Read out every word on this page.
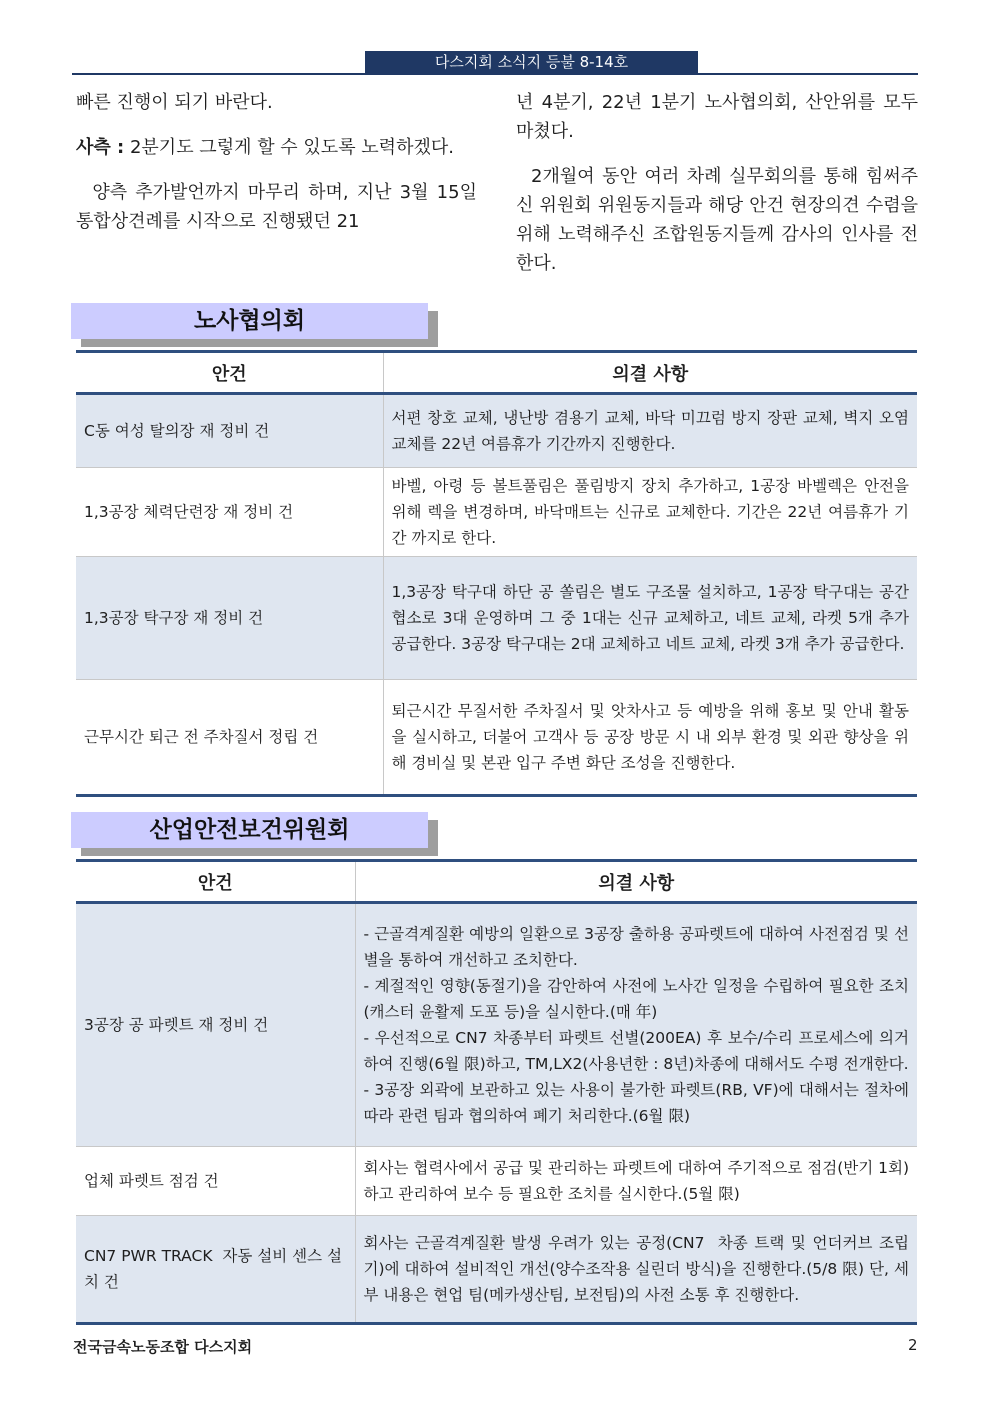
다스지회 소식지 등불 8-14호

빠른 진행이 되기 바란다.

사측 : 2분기도 그렇게 할 수 있도록 노력하겠다.

양측 추가발언까지 마무리 하며, 지난 3월 15일 통합상견례를 시작으로 진행됐던 21

년 4분기, 22년 1분기 노사협의회, 산안위를 모두 마쳤다.

2개월여 동안 여러 차례 실무회의를 통해 힘써주신 위원회 위원동지들과 해당 안건 현장의견 수렴을 위해 노력해주신 조합원동지들께 감사의 인사를 전한다.

노사협의회
안건	의결 사항
C동 여성 탈의장 재 정비 건	서편 창호 교체, 냉난방 겸용기 교체, 바닥 미끄럼 방지 장판 교체, 벽지 오염 교체를 22년 여름휴가 기간까지 진행한다.
1,3공장 체력단련장 재 정비 건	바벨, 아령 등 볼트풀림은 풀림방지 장치 추가하고, 1공장 바벨렉은 안전을 위해 렉을 변경하며, 바닥매트는 신규로 교체한다. 기간은 22년 여름휴가 기간 까지로 한다.
1,3공장 탁구장 재 정비 건	1,3공장 탁구대 하단 공 쏠림은 별도 구조물 설치하고, 1공장 탁구대는 공간협소로 3대 운영하며 그 중 1대는 신규 교체하고, 네트 교체, 라켓 5개 추가 공급한다. 3공장 탁구대는 2대 교체하고 네트 교체, 라켓 3개 추가 공급한다.
근무시간 퇴근 전 주차질서 정립 건	퇴근시간 무질서한 주차질서 및 앗차사고 등 예방을 위해 홍보 및 안내 활동을 실시하고, 더불어 고객사 등 공장 방문 시 내 외부 환경 및 외관 향상을 위해 경비실 및 본관 입구 주변 화단 조성을 진행한다.
산업안전보건위원회
안건	의결 사항
3공장 공 파렛트 재 정비 건	- 근골격계질환 예방의 일환으로 3공장 출하용 공파렛트에 대하여 사전점검 및 선별을 통하여 개선하고 조치한다.
- 계절적인 영향(동절기)을 감안하여 사전에 노사간 일정을 수립하여 필요한 조치(캐스터 윤활제 도포 등)을 실시한다.(매 年)
- 우선적으로 CN7 차종부터 파렛트 선별(200EA) 후 보수/수리 프로세스에 의거하여 진행(6월 限)하고, TM,LX2(사용년한 : 8년)차종에 대해서도 수평 전개한다.
- 3공장 외곽에 보관하고 있는 사용이 불가한 파렛트(RB, VF)에 대해서는 절차에 따라 관련 팀과 협의하여 폐기 처리한다.(6월 限)

업체 파렛트 점검 건	회사는 협력사에서 공급 및 관리하는 파렛트에 대하여 주기적으로 점검(반기 1회)하고 관리하여 보수 등 필요한 조치를 실시한다.(5월 限)

CN7 PWR TRACK  자동 설비 센스 설치 건	회사는 근골격계질환 발생 우려가 있는 공정(CN7  차종 트랙 및 언더커브 조립기)에 대하여 설비적인 개선(양수조작용 실린더 방식)을 진행한다.(5/8 限) 단, 세부 내용은 현업 팀(메카생산팀, 보전팀)의 사전 소통 후 진행한다.
전국금속노동조합 다스지회	2
